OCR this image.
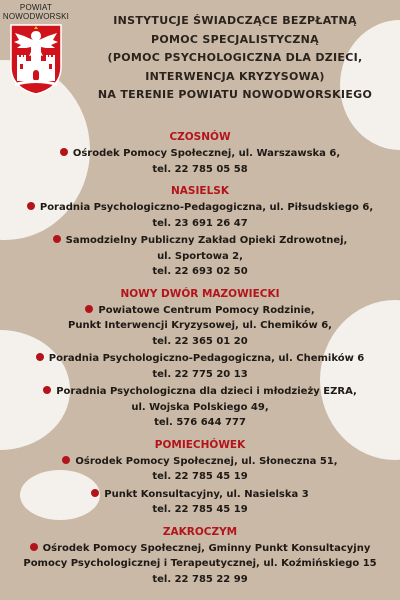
POWIAT
NOWODWORSKI	INSTYTUCJE ŚWIADCZĄCE BEZPŁATNĄ
POMOC SPECJALISTYCZNĄ
(POMOC PSYCHOLOGICZNA DLA DZIECI,
INTERWENCJA KRYZYSOWA)
NA TERENIE POWIATU NOWODWORSKIEGO
CZOSNÓW
Ośrodek Pomocy Społecznej, ul. Warszawska 6,
tel. 22 785 05 58
NASIELSK
Poradnia Psychologiczno-Pedagogiczna, ul. Piłsudskiego 6,
tel. 23 691 26 47
Samodzielny Publiczny Zakład Opieki Zdrowotnej,
ul. Sportowa 2,
tel. 22 693 02 50
NOWY DWÓR MAZOWIECKI
Powiatowe Centrum Pomocy Rodzinie,
Punkt Interwencji Kryzysowej, ul. Chemików 6,
tel. 22 365 01 20
Poradnia Psychologiczno-Pedagogiczna, ul. Chemików 6
tel. 22 775 20 13
Poradnia Psychologiczna dla dzieci i młodzieży EZRA,
ul. Wojska Polskiego 49,
tel. 576 644 777
POMIECHÓWEK
Ośrodek Pomocy Społecznej, ul. Słoneczna 51,
tel. 22 785 45 19
Punkt Konsultacyjny, ul. Nasielska 3
tel. 22 785 45 19
ZAKROCZYM
Ośrodek Pomocy Społecznej, Gminny Punkt Konsultacyjny
Pomocy Psychologicznej i Terapeutycznej, ul. Koźmińskiego 15
tel. 22 785 22 99
